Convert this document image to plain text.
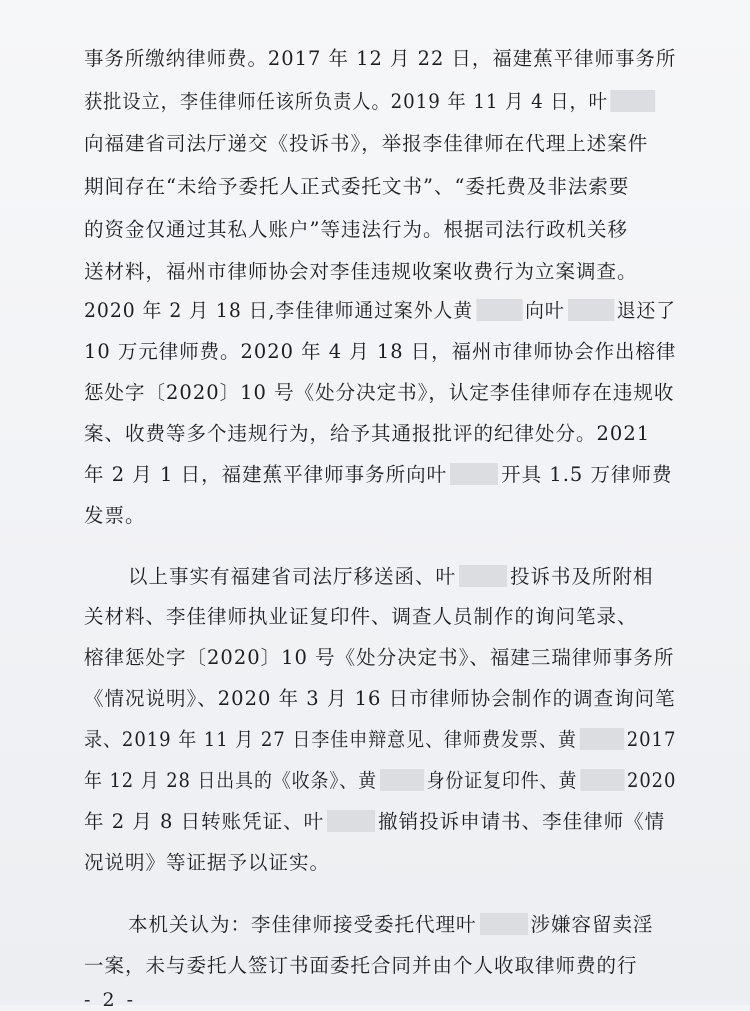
事务所缴纳律师费。2017 年 12 月 22 日，福建蕉平律师事务所
获批设立，李佳律师任该所负责人。2019 年 11 月 4 日，叶
向福建省司法厅递交《投诉书》，举报李佳律师在代理上述案件
期间存在“未给予委托人正式委托文书”、“委托费及非法索要
的资金仅通过其私人账户”等违法行为。根据司法行政机关移
送材料，福州市律师协会对李佳违规收案收费行为立案调查。
2020 年 2 月 18 日,李佳律师通过案外人黄	向叶	退还了
10 万元律师费。2020 年 4 月 18 日，福州市律师协会作出榕律
惩处字〔2020〕10 号《处分决定书》，认定李佳律师存在违规收
案、收费等多个违规行为，给予其通报批评的纪律处分。2021
年 2 月 1 日，福建蕉平律师事务所向叶	开具 1.5 万律师费
发票。
以上事实有福建省司法厅移送函、叶	投诉书及所附相
关材料、李佳律师执业证复印件、调查人员制作的询问笔录、
榕律惩处字〔2020〕10 号《处分决定书》、福建三瑞律师事务所
《情况说明》、2020 年 3 月 16 日市律师协会制作的调查询问笔
录、2019 年 11 月 27 日李佳申辩意见、律师费发票、黄	2017
年 12 月 28 日出具的《收条》、黄	身份证复印件、黄	2020
年 2 月 8 日转账凭证、叶	撤销投诉申请书、李佳律师《情
况说明》等证据予以证实。
本机关认为：李佳律师接受委托代理叶	涉嫌容留卖淫
一案，未与委托人签订书面委托合同并由个人收取律师费的行
- 2 -
